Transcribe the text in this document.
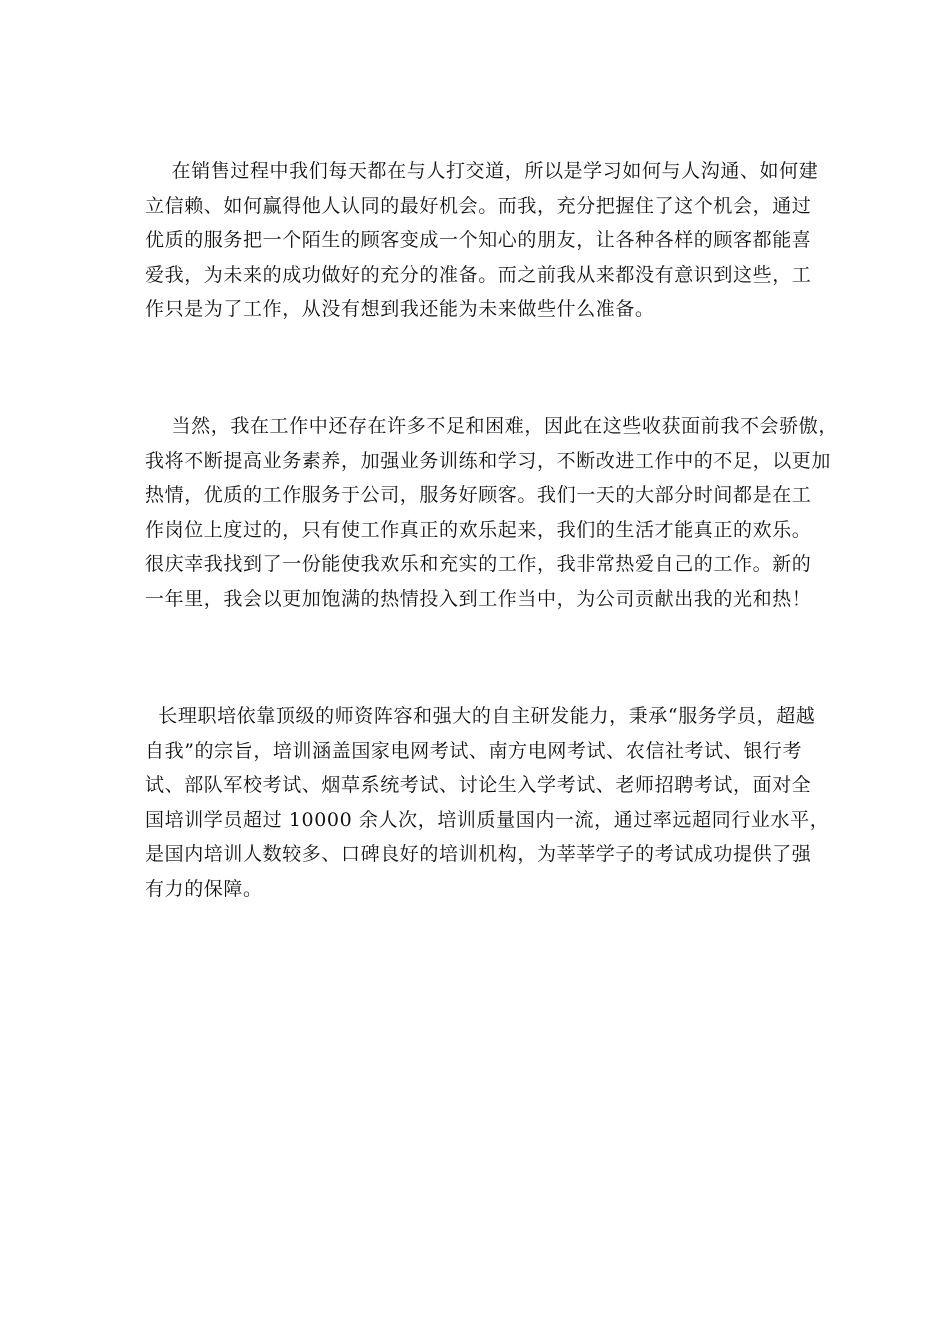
在销售过程中我们每天都在与人打交道，所以是学习如何与人沟通、如何建
立信赖、如何赢得他人认同的最好机会。而我，充分把握住了这个机会，通过
优质的服务把一个陌生的顾客变成一个知心的朋友，让各种各样的顾客都能喜
爱我，为未来的成功做好的充分的准备。而之前我从来都没有意识到这些，工
作只是为了工作，从没有想到我还能为未来做些什么准备。
当然，我在工作中还存在许多不足和困难，因此在这些收获面前我不会骄傲，
我将不断提高业务素养，加强业务训练和学习，不断改进工作中的不足，以更加
热情，优质的工作服务于公司，服务好顾客。我们一天的大部分时间都是在工
作岗位上度过的，只有使工作真正的欢乐起来，我们的生活才能真正的欢乐。
很庆幸我找到了一份能使我欢乐和充实的工作，我非常热爱自己的工作。新的
一年里，我会以更加饱满的热情投入到工作当中，为公司贡献出我的光和热！
长理职培依靠顶级的师资阵容和强大的自主研发能力，秉承“服务学员，超越
自我”的宗旨，培训涵盖国家电网考试、南方电网考试、农信社考试、银行考
试、部队军校考试、烟草系统考试、讨论生入学考试、老师招聘考试，面对全
国培训学员超过 10000 余人次，培训质量国内一流，通过率远超同行业水平，
是国内培训人数较多、口碑良好的培训机构，为莘莘学子的考试成功提供了强
有力的保障。
